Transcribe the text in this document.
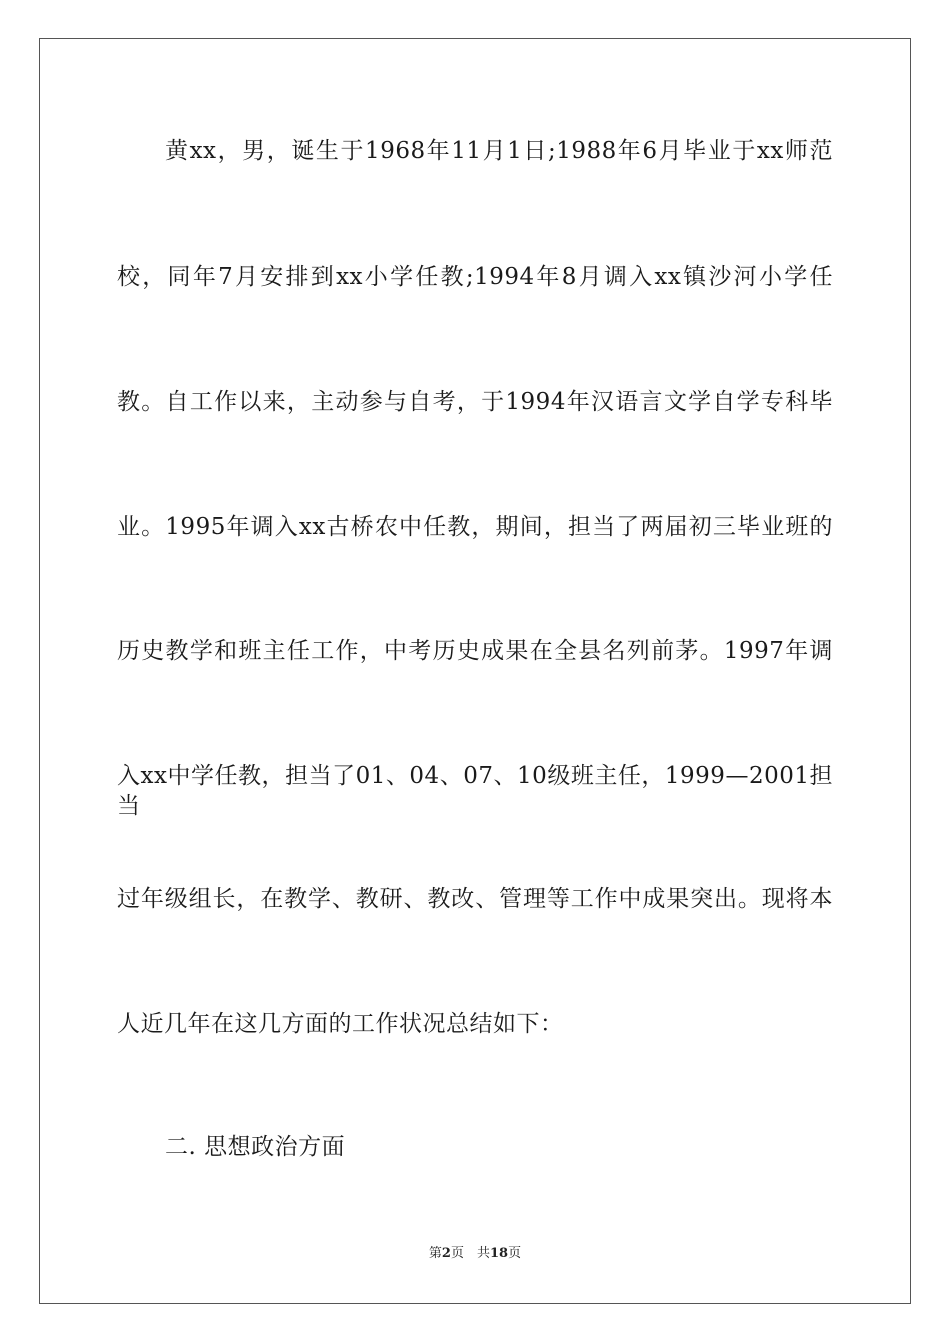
黄xx，男，诞生于1968年11月1日;1988年6月毕业于xx师范
校，同年7月安排到xx小学任教;1994年8月调入xx镇沙河小学任
教。自工作以来，主动参与自考，于1994年汉语言文学自学专科毕
业。1995年调入xx古桥农中任教，期间，担当了两届初三毕业班的
历史教学和班主任工作，中考历史成果在全县名列前茅。1997年调
入xx中学任教，担当了01、04、07、10级班主任，1999—2001担当
过年级组长，在教学、教研、教改、管理等工作中成果突出。现将本
人近几年在这几方面的工作状况总结如下：
二. 思想政治方面
第2页　共18页
